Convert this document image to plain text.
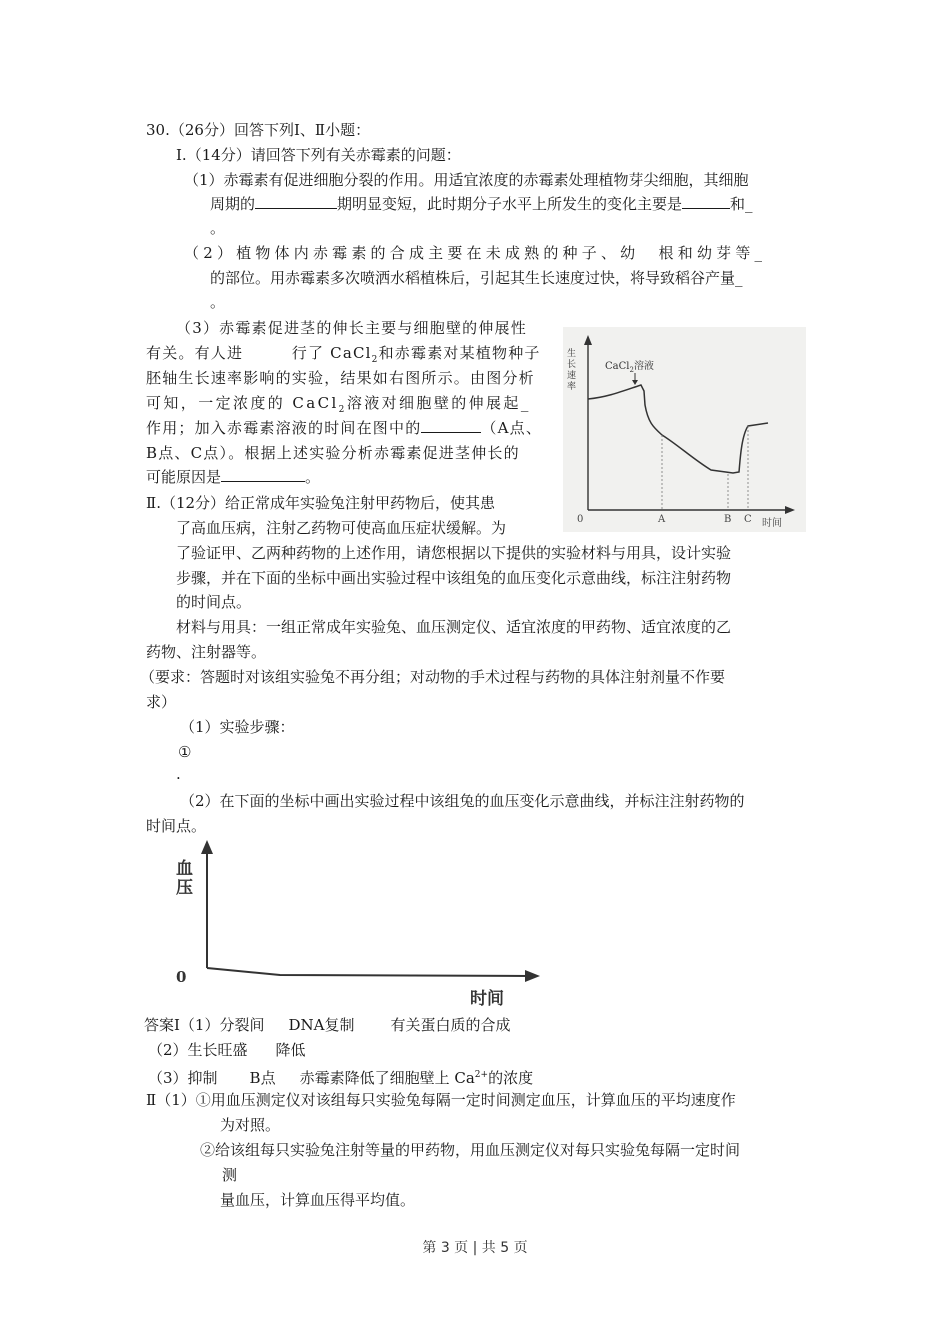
30.（26分）回答下列Ⅰ、Ⅱ小题：
Ⅰ.（14分）请回答下列有关赤霉素的问题：
（1）赤霉素有促进细胞分裂的作用。用适宜浓度的赤霉素处理植物芽尖细胞，其细胞
周期的	期明显变短，此时期分子水平上所发生的变化主要是	和_
。
（2）植物体内赤霉素的合成主要在未成熟的种子、幼　根和幼芽等_
的部位。用赤霉素多次喷洒水稻植株后，引起其生长速度过快，将导致稻谷产量_
。
（3）赤霉素促进茎的伸长主要与细胞壁的伸展性
有关。有人进　　　行了 CaCl$_2$和赤霉素对某植物种子
胚轴生长速率影响的实验，结果如右图所示。由图分析
可知，一定浓度的 CaCl$_2$溶液对细胞壁的伸展起_
作用；加入赤霉素溶液的时间在图中的	（A点、
B点、C点）。根据上述实验分析赤霉素促进茎伸长的
可能原因是	。
生
长
速
率
CaCl$_2$溶液
0	A	B C 时间
Ⅱ.（12分）给正常成年实验兔注射甲药物后，使其患
了高血压病，注射乙药物可使高血压症状缓解。为
了验证甲、乙两种药物的上述作用，请您根据以下提供的实验材料与用具，设计实验
步骤，并在下面的坐标中画出实验过程中该组兔的血压变化示意曲线，标注注射药物
的时间点。
材料与用具：一组正常成年实验兔、血压测定仪、适宜浓度的甲药物、适宜浓度的乙
药物、注射器等。
（要求：答题时对该组实验兔不再分组；对动物的手术过程与药物的具体注射剂量不作要
求）
（1）实验步骤：
①
.
（2）在下面的坐标中画出实验过程中该组兔的血压变化示意曲线，并标注注射药物的
时间点。
血
压
0
时间
答案Ⅰ（1）分裂间 DNA复制 有关蛋白质的合成
（2）生长旺盛 降低
（3）抑制 B点 赤霉素降低了细胞壁上 $Ca^{2+}$的浓度
Ⅱ（1）①用血压测定仪对该组每只实验兔每隔一定时间测定血压，计算血压的平均速度作
为对照。
②给该组每只实验兔注射等量的甲药物，用血压测定仪对每只实验兔每隔一定时间
测
量血压，计算血压得平均值。
第 3 页 | 共 5 页
